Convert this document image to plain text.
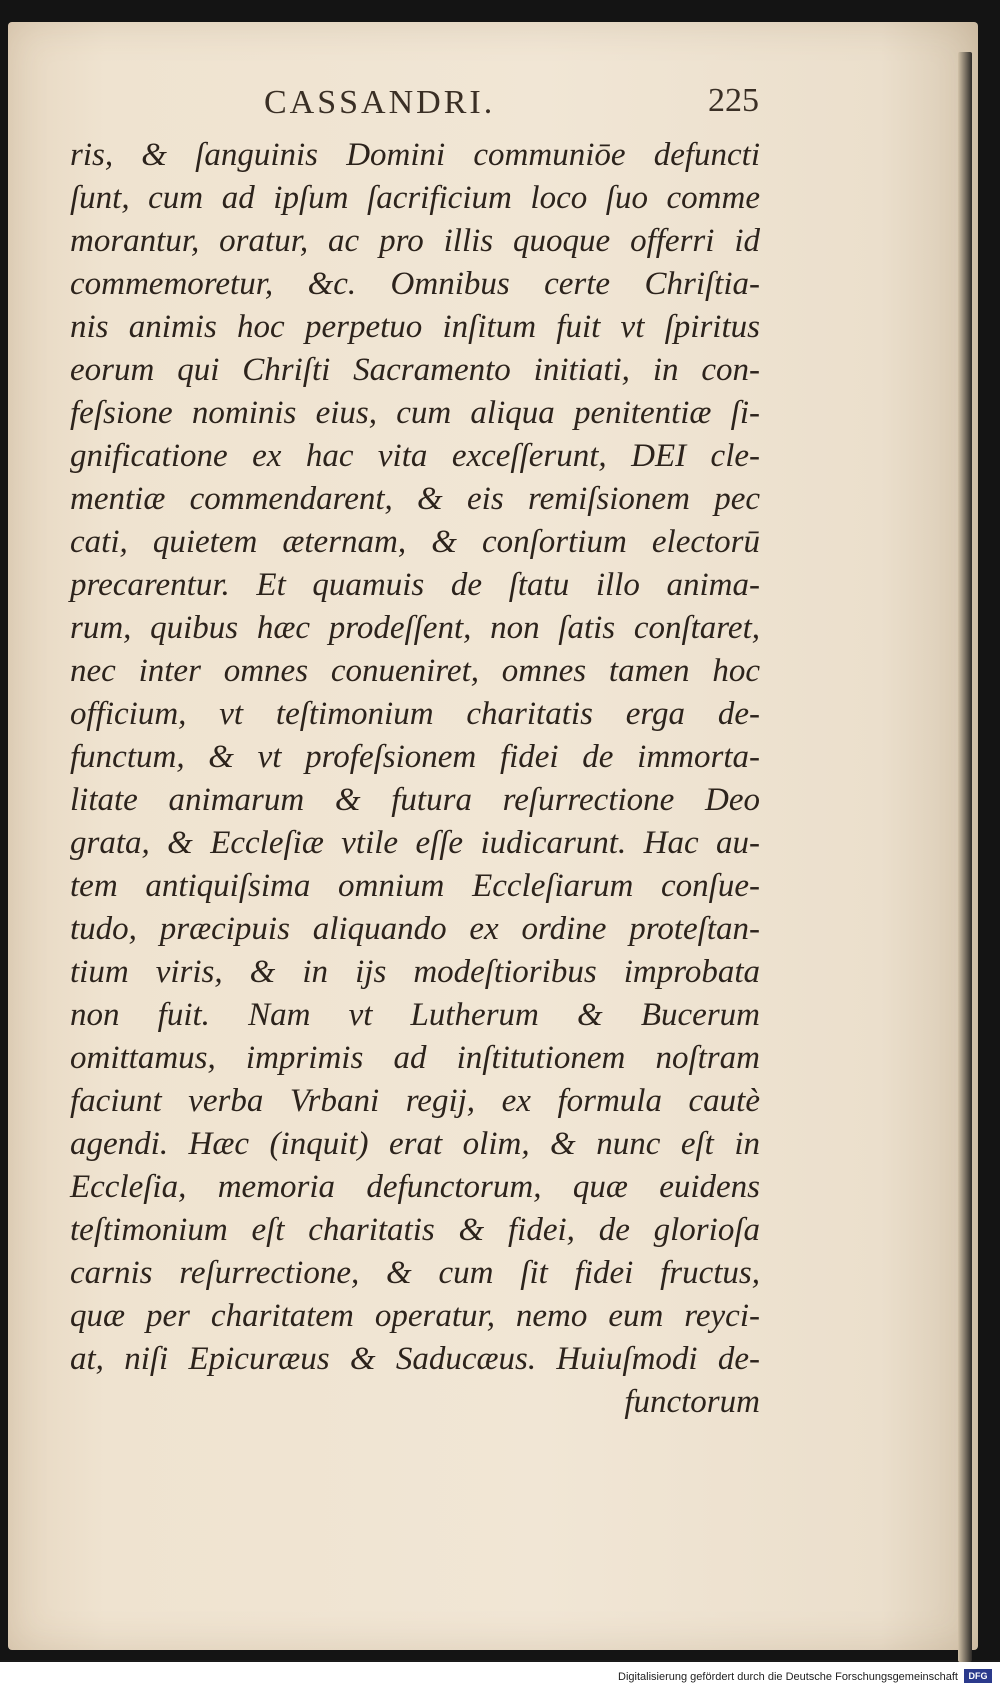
CASSANDRI.	225
ris, & ſanguinis Domini communiōe defuncti
ſunt, cum ad ipſum ſacrificium loco ſuo comme
morantur, oratur, ac pro illis quoque offerri id
commemoretur, &c. Omnibus certe Chriſtia-
nis animis hoc perpetuo inſitum fuit vt ſpiritus
eorum qui Chriſti Sacramento initiati, in con-
feſsione nominis eius, cum aliqua penitentiæ ſi-
gnificatione ex hac vita exceſſerunt, DEI cle-
mentiæ commendarent, & eis remiſsionem pec
cati, quietem æternam, & conſortium electorū
precarentur. Et quamuis de ſtatu illo anima-
rum, quibus hæc prodeſſent, non ſatis conſtaret,
nec inter omnes conueniret, omnes tamen hoc
officium, vt teſtimonium charitatis erga de-
functum, & vt profeſsionem fidei de immorta-
litate animarum & futura reſurrectione Deo
grata, & Eccleſiæ vtile eſſe iudicarunt. Hac au-
tem antiquiſsima omnium Eccleſiarum conſue-
tudo, præcipuis aliquando ex ordine proteſtan-
tium viris, & in ijs modeſtioribus improbata
non fuit. Nam vt Lutherum & Bucerum
omittamus, imprimis ad inſtitutionem noſtram
faciunt verba Vrbani regij, ex formula cautè
agendi. Hæc (inquit) erat olim, & nunc eſt in
Eccleſia, memoria defunctorum, quæ euidens
teſtimonium eſt charitatis & fidei, de glorioſa
carnis reſurrectione, & cum ſit fidei fructus,
quæ per charitatem operatur, nemo eum reyci-
at, niſi Epicuræus & Saducæus. Huiuſmodi de-
functorum
Digitalisierung gefördert durch die Deutsche Forschungsgemeinschaft	DFG
